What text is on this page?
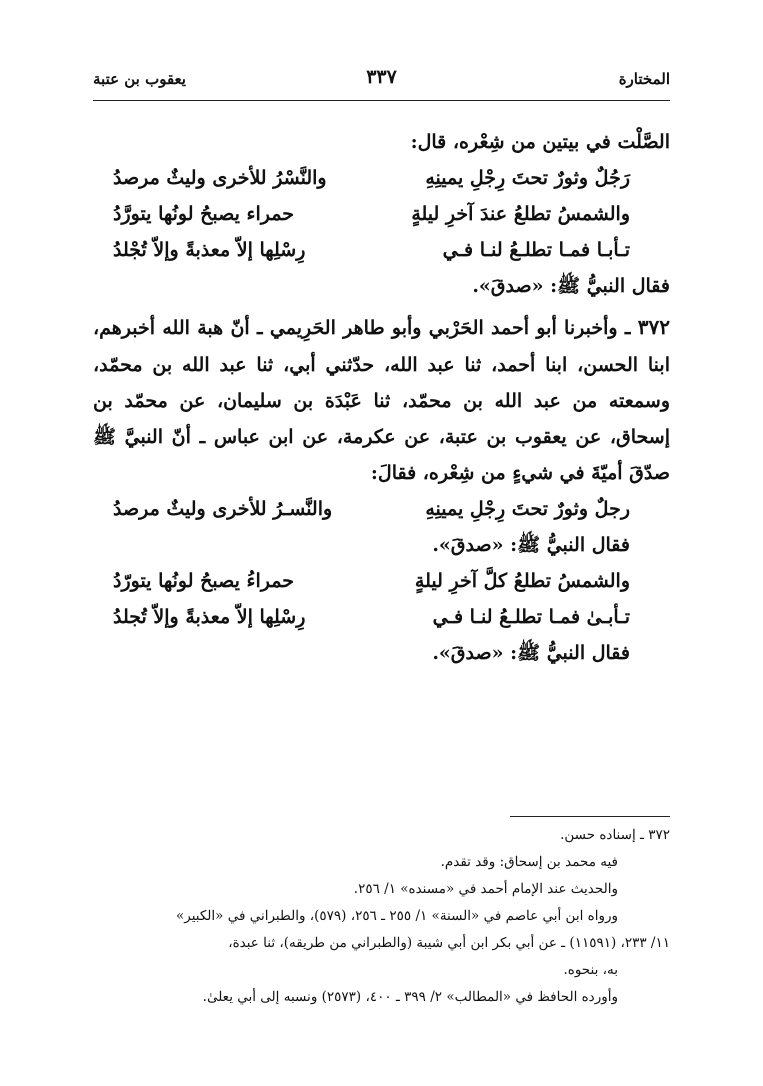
المختارة
٣٣٧
يعقوب بن عتبة

الصَّلْت في بيتين من شِعْره، قال:

رَجُلٌ وثورٌ تحتَ رِجْلِ يمينِهِ
والنَّسْرُ للأخرى وليثٌ مرصدُ
والشمسُ تطلعُ عندَ آخرِ ليلةٍ
حمراء يصبحُ لونُها يتورَّدُ
تـأبـا فمـا تطلـعُ لنـا فـي
رِسْلِها إلاّ معذبةً وإلاّ تُجْلدُ

فقال النبيُّ ﷺ: «صدقَ».

٣٧٢ ـ وأخبرنا أبو أحمد الحَرْبي وأبو طاهر الحَرِيمي ـ أنّ هبة الله أخبرهم، ابنا الحسن، ابنا أحمد، ثنا عبد الله، حدّثني أبي، ثنا عبد الله بن محمّد، وسمعته من عبد الله بن محمّد، ثنا عَبْدَة بن سليمان، عن محمّد بن إسحاق، عن يعقوب بن عتبة، عن عكرمة، عن ابن عباس ـ أنّ النبيَّ ﷺ صدّقَ أميّةَ في شيءٍ من شِعْره، فقالَ:

رجلٌ وثورٌ تحتَ رِجْلِ يمينِهِ
والنَّسـرُ للأخرى وليثٌ مرصدُ

فقال النبيُّ ﷺ: «صدقَ».

والشمسُ تطلعُ كلَّ آخرِ ليلةٍ
حمراءُ يصبحُ لونُها يتورّدُ
تـأبـىٰ فمـا تطلـعُ لنـا فـي
رِسْلِها إلاّ معذبةً وإلاّ تُجلدُ

فقال النبيُّ ﷺ: «صدقَ».

٣٧٢ ـ إسناده حسن.

فيه محمد بن إسحاق: وقد تقدم.

والحديث عند الإمام أحمد في «مسنده» ١/ ٢٥٦.

ورواه ابن أبي عاصم في «السنة» ١/ ٢٥٥ ـ ٢٥٦، (٥٧٩)، والطبراني في «الكبير»

١١/ ٢٣٣، (١١٥٩١) ـ عن أبي بكر ابن أبي شيبة (والطبراني من طريقه)، ثنا عبدة،

به، بنحوه.

وأورده الحافظ في «المطالب» ٢/ ٣٩٩ ـ ٤٠٠، (٢٥٧٣) ونسبه إلى أبي يعلىٰ.
